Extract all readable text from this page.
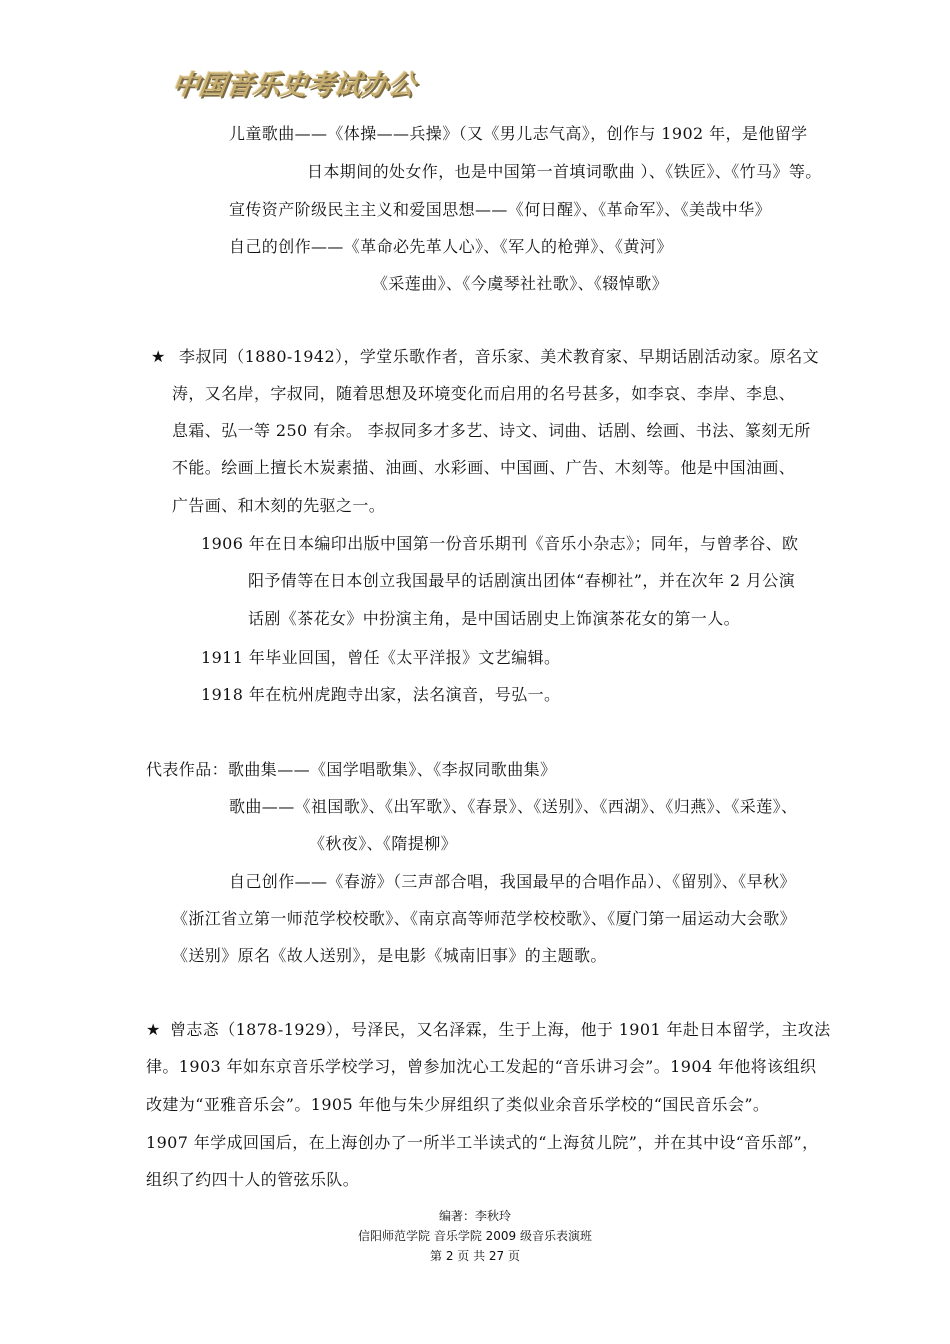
中国音乐史考试办公
儿童歌曲——《体操——兵操》（又《男儿志气高》，创作与 1902 年，是他留学
日本期间的处女作，也是中国第一首填词歌曲 ）、《铁匠》、《竹马》等。
宣传资产阶级民主主义和爱国思想——《何日醒》、《革命军》、《美哉中华》
自己的创作——《革命必先革人心》、《军人的枪弹》、《黄河》
《采莲曲》、《今虞琴社社歌》、《辍悼歌》
★ 李叔同（1880-1942），学堂乐歌作者，音乐家、美术教育家、早期话剧活动家。原名文
涛，又名岸，字叔同，随着思想及环境变化而启用的名号甚多，如李哀、李岸、李息、
息霜、弘一等 250 有余。 李叔同多才多艺、诗文、词曲、话剧、绘画、书法、篆刻无所
不能。绘画上擅长木炭素描、油画、水彩画、中国画、广告、木刻等。他是中国油画、
广告画、和木刻的先驱之一。
1906 年在日本编印出版中国第一份音乐期刊《音乐小杂志》；同年，与曾孝谷、欧
阳予倩等在日本创立我国最早的话剧演出团体“春柳社”，并在次年 2 月公演
话剧《茶花女》中扮演主角，是中国话剧史上饰演茶花女的第一人。
1911 年毕业回国，曾任《太平洋报》文艺编辑。
1918 年在杭州虎跑寺出家，法名演音，号弘一。
代表作品：歌曲集——《国学唱歌集》、《李叔同歌曲集》
歌曲——《祖国歌》、《出军歌》、《春景》、《送别》、《西湖》、《归燕》、《采莲》、
《秋夜》、《隋提柳》
自己创作——《春游》（三声部合唱，我国最早的合唱作品）、《留别》、《早秋》
《浙江省立第一师范学校校歌》、《南京高等师范学校校歌》、《厦门第一届运动大会歌》
《送别》原名《故人送别》，是电影《城南旧事》的主题歌。
★ 曾志忞（1878-1929），号泽民，又名泽霖，生于上海，他于 1901 年赴日本留学，主攻法
律。1903 年如东京音乐学校学习，曾参加沈心工发起的“音乐讲习会”。1904 年他将该组织
改建为“亚雅音乐会”。1905 年他与朱少屏组织了类似业余音乐学校的“国民音乐会”。
1907 年学成回国后，在上海创办了一所半工半读式的“上海贫儿院”，并在其中设“音乐部”，
组织了约四十人的管弦乐队。
编著：李秋玲
信阳师范学院 音乐学院 2009 级音乐表演班
第 2 页 共 27 页
